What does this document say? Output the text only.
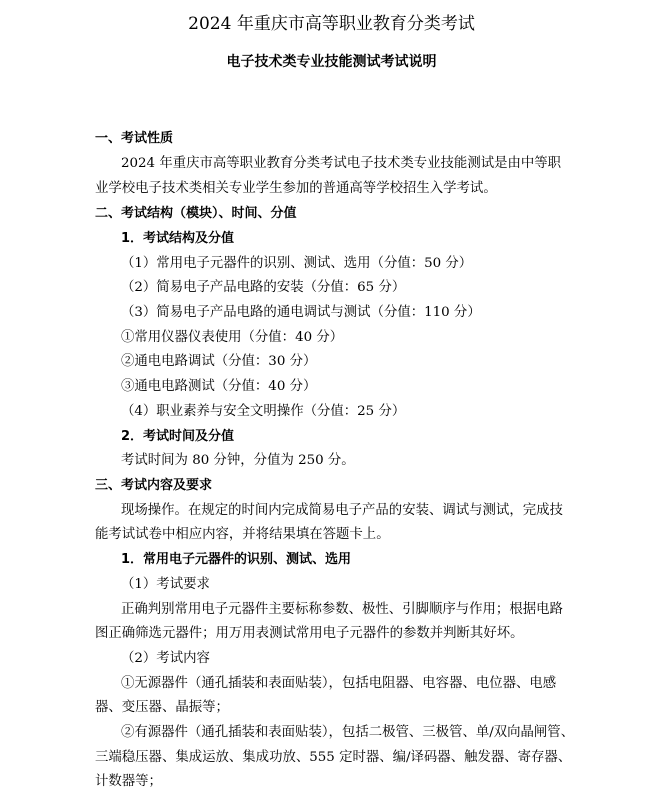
2024 年重庆市高等职业教育分类考试
电子技术类专业技能测试考试说明
一、考试性质
2024 年重庆市高等职业教育分类考试电子技术类专业技能测试是由中等职
业学校电子技术类相关专业学生参加的普通高等学校招生入学考试。
二、考试结构（模块）、时间、分值
1．考试结构及分值
（1）常用电子元器件的识别、测试、选用（分值：50 分）
（2）简易电子产品电路的安装（分值：65 分）
（3）简易电子产品电路的通电调试与测试（分值：110 分）
①常用仪器仪表使用（分值：40 分）
②通电电路调试（分值：30 分）
③通电电路测试（分值：40 分）
（4）职业素养与安全文明操作（分值：25 分）
2．考试时间及分值
考试时间为 80 分钟，分值为 250 分。
三、考试内容及要求
现场操作。在规定的时间内完成简易电子产品的安装、调试与测试，完成技
能考试试卷中相应内容，并将结果填在答题卡上。
1．常用电子元器件的识别、测试、选用
（1）考试要求
正确判别常用电子元器件主要标称参数、极性、引脚顺序与作用；根据电路
图正确筛选元器件；用万用表测试常用电子元器件的参数并判断其好坏。
（2）考试内容
①无源器件（通孔插装和表面贴装），包括电阻器、电容器、电位器、电感
器、变压器、晶振等；
②有源器件（通孔插装和表面贴装），包括二极管、三极管、单/双向晶闸管、
三端稳压器、集成运放、集成功放、555 定时器、编/译码器、触发器、寄存器、
计数器等；
